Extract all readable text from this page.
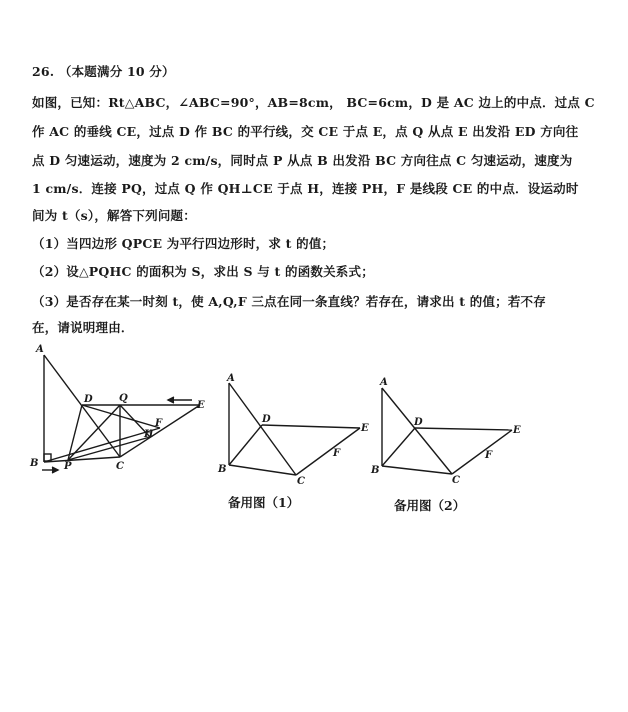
26. （本题满分 10 分）
如图，已知：Rt△ABC，∠ABC=90°，AB=8cm， BC=6cm，D 是 AC 边上的中点．过点 C
作 AC 的垂线 CE，过点 D 作 BC 的平行线，交 CE 于点 E，点 Q 从点 E 出发沿 ED 方向往
点 D 匀速运动，速度为 2 cm/s，同时点 P 从点 B 出发沿 BC 方向往点 C 匀速运动，速度为
1 cm/s．连接 PQ，过点 Q 作 QH⊥CE 于点 H，连接 PH，F 是线段 CE 的中点．设运动时
间为 t（s），解答下列问题：
（1）当四边形 QPCE 为平行四边形时，求 t 的值；
（2）设△PQHC 的面积为 S，求出 S 与 t 的函数关系式；
（3）是否存在某一时刻 t，使 A,Q,F 三点在同一条直线？若存在，请求出 t 的值；若不存
在，请说明理由．
A
B	C
D	Q
E
P
F
H
A
B
C
D
E
F
A
B
C
D
E
F
备用图（1）	备用图（2）
